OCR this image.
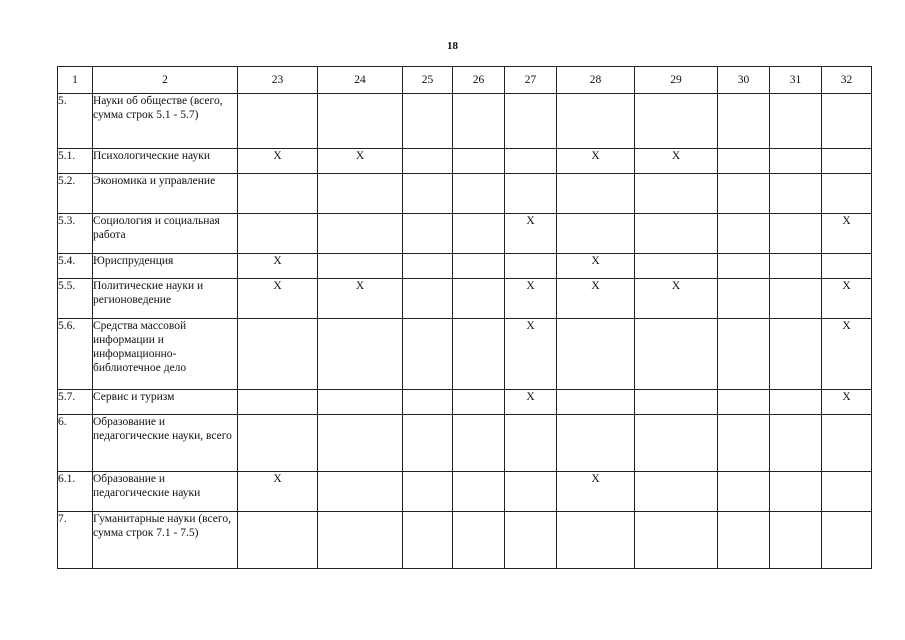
18
1	2	23	24	25	26	27	28	29	30	31	32
5.	Науки об обществе (всего, сумма строк 5.1 - 5.7)										
5.1.	Психологические науки	X	X				X	X			
5.2.	Экономика и управление										
5.3.	Социология и социальная работа					X					X
5.4.	Юриспруденция	X					X				
5.5.	Политические науки и регионоведение	X	X			X	X	X			X
5.6.	Средства массовой информации и информационно-библиотечное дело					X					X
5.7.	Сервис и туризм					X					X
6.	Образование и педагогические науки, всего										
6.1.	Образование и педагогические науки	X					X				
7.	Гуманитарные науки (всего, сумма строк 7.1 - 7.5)										
